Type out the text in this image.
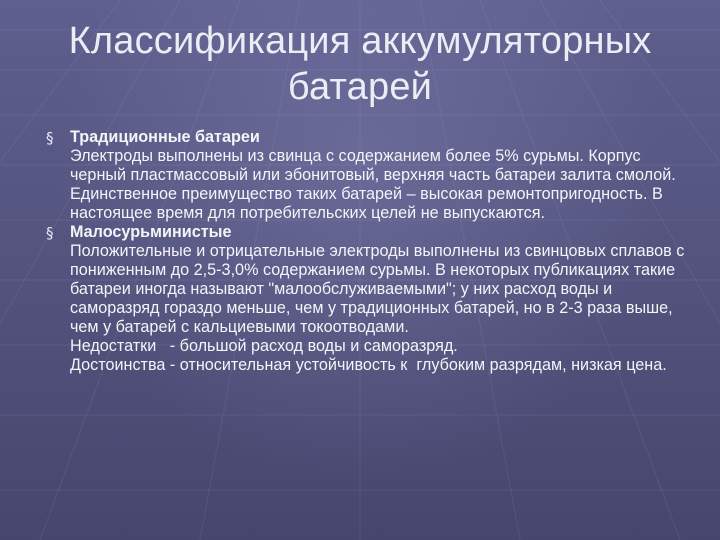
Классификация аккумуляторных
батарей
§	Традиционные батареи
Электроды выполнены из свинца с содержанием более 5% сурьмы. Корпус черный пластмассовый или эбонитовый, верхняя часть батареи залита смолой. Единственное преимущество таких батарей – высокая ремонтопригодность. В настоящее время для потребительских целей не выпускаются.
§	Малосурьминистые
Положительные и отрицательные электроды выполнены из свинцовых сплавов с пониженным до 2,5-3,0% содержанием сурьмы. В некоторых публикациях такие батареи иногда называют "малообслуживаемыми"; у них расход воды и саморазряд гораздо меньше, чем у традиционных батарей, но в 2-3 раза выше, чем у батарей с кальциевыми токоотводами.
Недостатки   - большой расход воды и саморазряд.
Достоинства - относительная устойчивость к  глубоким разрядам, низкая цена.
